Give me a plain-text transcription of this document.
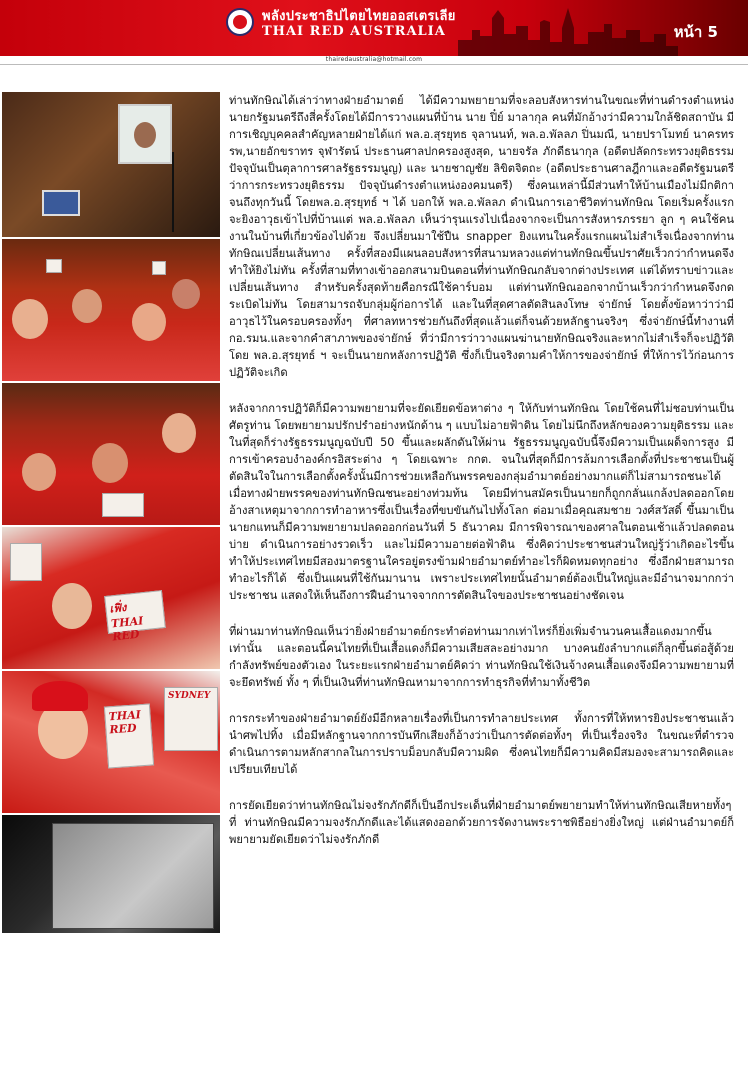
พลังประชาธิปไตยไทยออสเตรเลีย
THAI RED AUSTRALIA	หน้า 5
thairedaustralia@hotmail.com
เฟิ่ง THAI RED
THAI RED
SYDNEY

ท่านทักษิณได้เล่าว่าทางฝ่ายอำมาตย์ ได้มีความพยายามที่จะลอบสังหารท่านในขณะที่ท่านดำรงตำแหน่งนายกรัฐมนตรีถึงสี่ครั้งโดยได้มีการวางแผนที่บ้าน นาย ปิ๋ย์ มาลากุล คนที่มักอ้างว่ามีความใกล้ชิดสถาบัน มีการเชิญบุคคลสำคัญหลายฝ่ายได้แก่ พล.อ.สุรยุทธ จุลานนท์, พล.อ.พัลลภ ปิ่นมณี, นายปราโมทย์ นาครทรรพ,นายอักขราทร จุฬารัตน์ ประธานศาลปกครองสูงสุด, นายจรัล ภักดีธนากุล (อดีตปลัดกระทรวงยุติธรรมปัจจุบันเป็นตุลาการศาลรัฐธรรมนูญ) และ นายชาญชัย ลิขิตจิตถะ (อดีตประธานศาลฎีกาและอดีตรัฐมนตรีว่าการกระทรวงยุติธรรม ปัจจุบันดำรงตำแหน่งองคมนตรี) ซึ่งคนเหล่านี้มีส่วนทำให้บ้านเมืองไม่มีกติกาจนถึงทุกวันนี้ โดยพล.อ.สุรยุทธ์ ฯ ได้ บอกให้ พล.อ.พัลลภ ดำเนินการเอาชีวิตท่านทักษิณ โดยเริ่มครั้งแรกจะยิงอาวุธเข้าไปที่บ้านแต่ พล.อ.พัลลภ เห็นว่ารุนแรงไปเนื่องจากจะเป็นการสังหารภรรยา ลูก ๆ คนใช้คนงานในบ้านที่เกี่ยวข้องไปด้วย จึงเปลี่ยนมาใช้ปืน snapper ยิงแทนในครั้งแรกแผนไม่สำเร็จเนื่องจากท่านทักษิณเปลี่ยนเส้นทาง ครั้งที่สองมีแผนลอบสังหารที่สนามหลวงแต่ท่านทักษิณขึ้นปราศัยเร็วกว่ากำหนดจึงทำให้ยิงไม่ทัน ครั้งที่สามที่ทางเข้าออกสนามบินตอนที่ท่านทักษิณกลับจากต่างประเทศ แต่ได้ทราบข่าวและเปลี่ยนเส้นทาง สำหรับครั้งสุดท้ายคือกรณีใช้คาร์บอม แต่ท่านทักษิณออกจากบ้านเร็วกว่ากำหนดจึงกดระเบิดไม่ทัน โดยสามารถจับกลุ่มผู้ก่อการได้ และในที่สุดศาลตัดสินลงโทษ จ่ายักษ์ โดยตั้งข้อหาว่าว่ามีอาวุธไว้ในครอบครองทั้งๆ ที่ศาลทหารช่วยกันถึงที่สุดแล้วแต่ก็จนด้วยหลักฐานจริงๆ ซึ่งจ่ายักษ์นี้ทำงานที่ กอ.รมน.และจากคำสาภาพของจ่ายักษ์ ที่ว่ามีการว่าวางแผนฆ่านายทักษิณจริงและหากไม่สำเร็จก็จะปฏิวัติ โดย พล.อ.สุรยุทธ์ ฯ จะเป็นนายกหลังการปฏิวัติ ซึ่งก็เป็นจริงตามคำให้การของจ่ายักษ์ ที่ให้การไว้ก่อนการปฏิวัติจะเกิด

หลังจากการปฏิวัติก็มีความพยายามที่จะยัดเยียดข้อหาต่าง ๆ ให้กับท่านทักษิณ โดยใช้คนที่ไม่ชอบท่านเป็นศัตรูท่าน โดยพยายามปรักปรำอย่างหนักด้าน ๆ แบบไม่อายฟ้าดิน โดยไม่นึกถึงหลักของความยุติธรรม และในที่สุดก็ร่างรัฐธรรมนูญฉบับปี 50 ขึ้นและผลักดันให้ผ่าน รัฐธรรมนูญฉบับนี้จึงมีความเป็นเผด็จการสูง มีการเข้าครอบงำองค์กรอิสระต่าง ๆ โดยเฉพาะ กกต. จนในที่สุดก็มีการล้มการเลือกตั้งที่ประชาชนเป็นผู้ตัดสินใจในการเลือกตั้งครั้งนั้นมีการช่วยเหลือกันพรรคของกลุ่มอำมาตย์อย่างมากแต่ก็ไม่สามารถชนะได้ เมื่อทางฝ่ายพรรคของท่านทักษิณชนะอย่างท่วมท้น โดยมีท่านสมัครเป็นนายกก็ถูกกลั่นแกล้งปลดออกโดยอ้างสาเหตุมาจากการทำอาหารซึ่งเป็นเรื่องที่ขบขันกันไปทั้งโลก ต่อมาเมื่อคุณสมชาย วงศ์สวัสดิ์ ขึ้นมาเป็นนายกแทนก็มีความพยายามปลดออกก่อนวันที่ 5 ธันวาคม มีการพิจารณาของศาลในตอนเช้าแล้วปลดตอนบ่าย ดำเนินการอย่างรวดเร็ว และไม่มีความอายต่อฟ้าดิน ซึ่งคิดว่าประชาชนส่วนใหญ่รู้ว่าเกิดอะไรขึ้น ทำให้ประเทศไทยมีสองมาตรฐานใครอยู่ตรงข้ามฝ่ายอำมาตย์ทำอะไรก็ผิดหมดทุกอย่าง ซึ่งอีกฝ่ายสามารถทำอะไรก็ได้ ซึ่งเป็นแผนที่ใช้กันมานาน เพราะประเทศไทยนั้นอำมาตย์ต้องเป็นใหญ่และมีอำนาจมากกว่าประชาชน แสดงให้เห็นถึงการฝืนอำนาจจากการตัดสินใจของประชาชนอย่างชัดเจน

ที่ผ่านมาท่านทักษิณเห็นว่ายิ่งฝ่ายอำมาตย์กระทำต่อท่านมากเท่าไหร่ก็ยิ่งเพิ่มจำนวนคนเสื้อแดงมากขึ้นเท่านั้น และตอนนี้คนไทยที่เป็นเสื้อแดงก็มีความเสียสละอย่างมาก บางคนยังลำบากแต่ก็ลุกขึ้นต่อสู้ด้วยกำลังทรัพย์ของตัวเอง ในระยะแรกฝ่ายอำมาตย์คิดว่า ท่านทักษิณใช้เงินจ้างคนเสื้อแดงจึงมีความพยายามที่จะยึดทรัพย์ ทั้ง ๆ ที่เป็นเงินที่ท่านทักษิณหามาจากการทำธุรกิจที่ทำมาทั้งชีวิต

การกระทำของฝ่ายอำมาตย์ยังมีอีกหลายเรื่องที่เป็นการทำลายประเทศ ทั้งการที่ให้ทหารยิงประชาชนแล้วนำศพไปทิ้ง เมื่อมีหลักฐานจากการบันทึกเสียงก็อ้างว่าเป็นการตัดต่อทั้งๆ ที่เป็นเรื่องจริง ในขณะที่ตำรวจดำเนินการตามหลักสากลในการปราบม็อบกลับมีความผิด ซึ่งคนไทยก็มีความคิดมีสมองจะสามารถคิดและเปรียบเทียบได้

การยัดเยียดว่าท่านทักษิณไม่จงรักภักดีก็เป็นอีกประเด็นที่ฝ่ายอำมาตย์พยายามทำให้ท่านทักษิณเสียหายทั้งๆ ที่ ท่านทักษิณมีความจงรักภักดีและได้แสดงออกด้วยการจัดงานพระราชพิธีอย่างยิ่งใหญ่ แต่ฝ่านอำมาตย์ก็พยายามยัดเยียดว่าไม่จงรักภักดี
